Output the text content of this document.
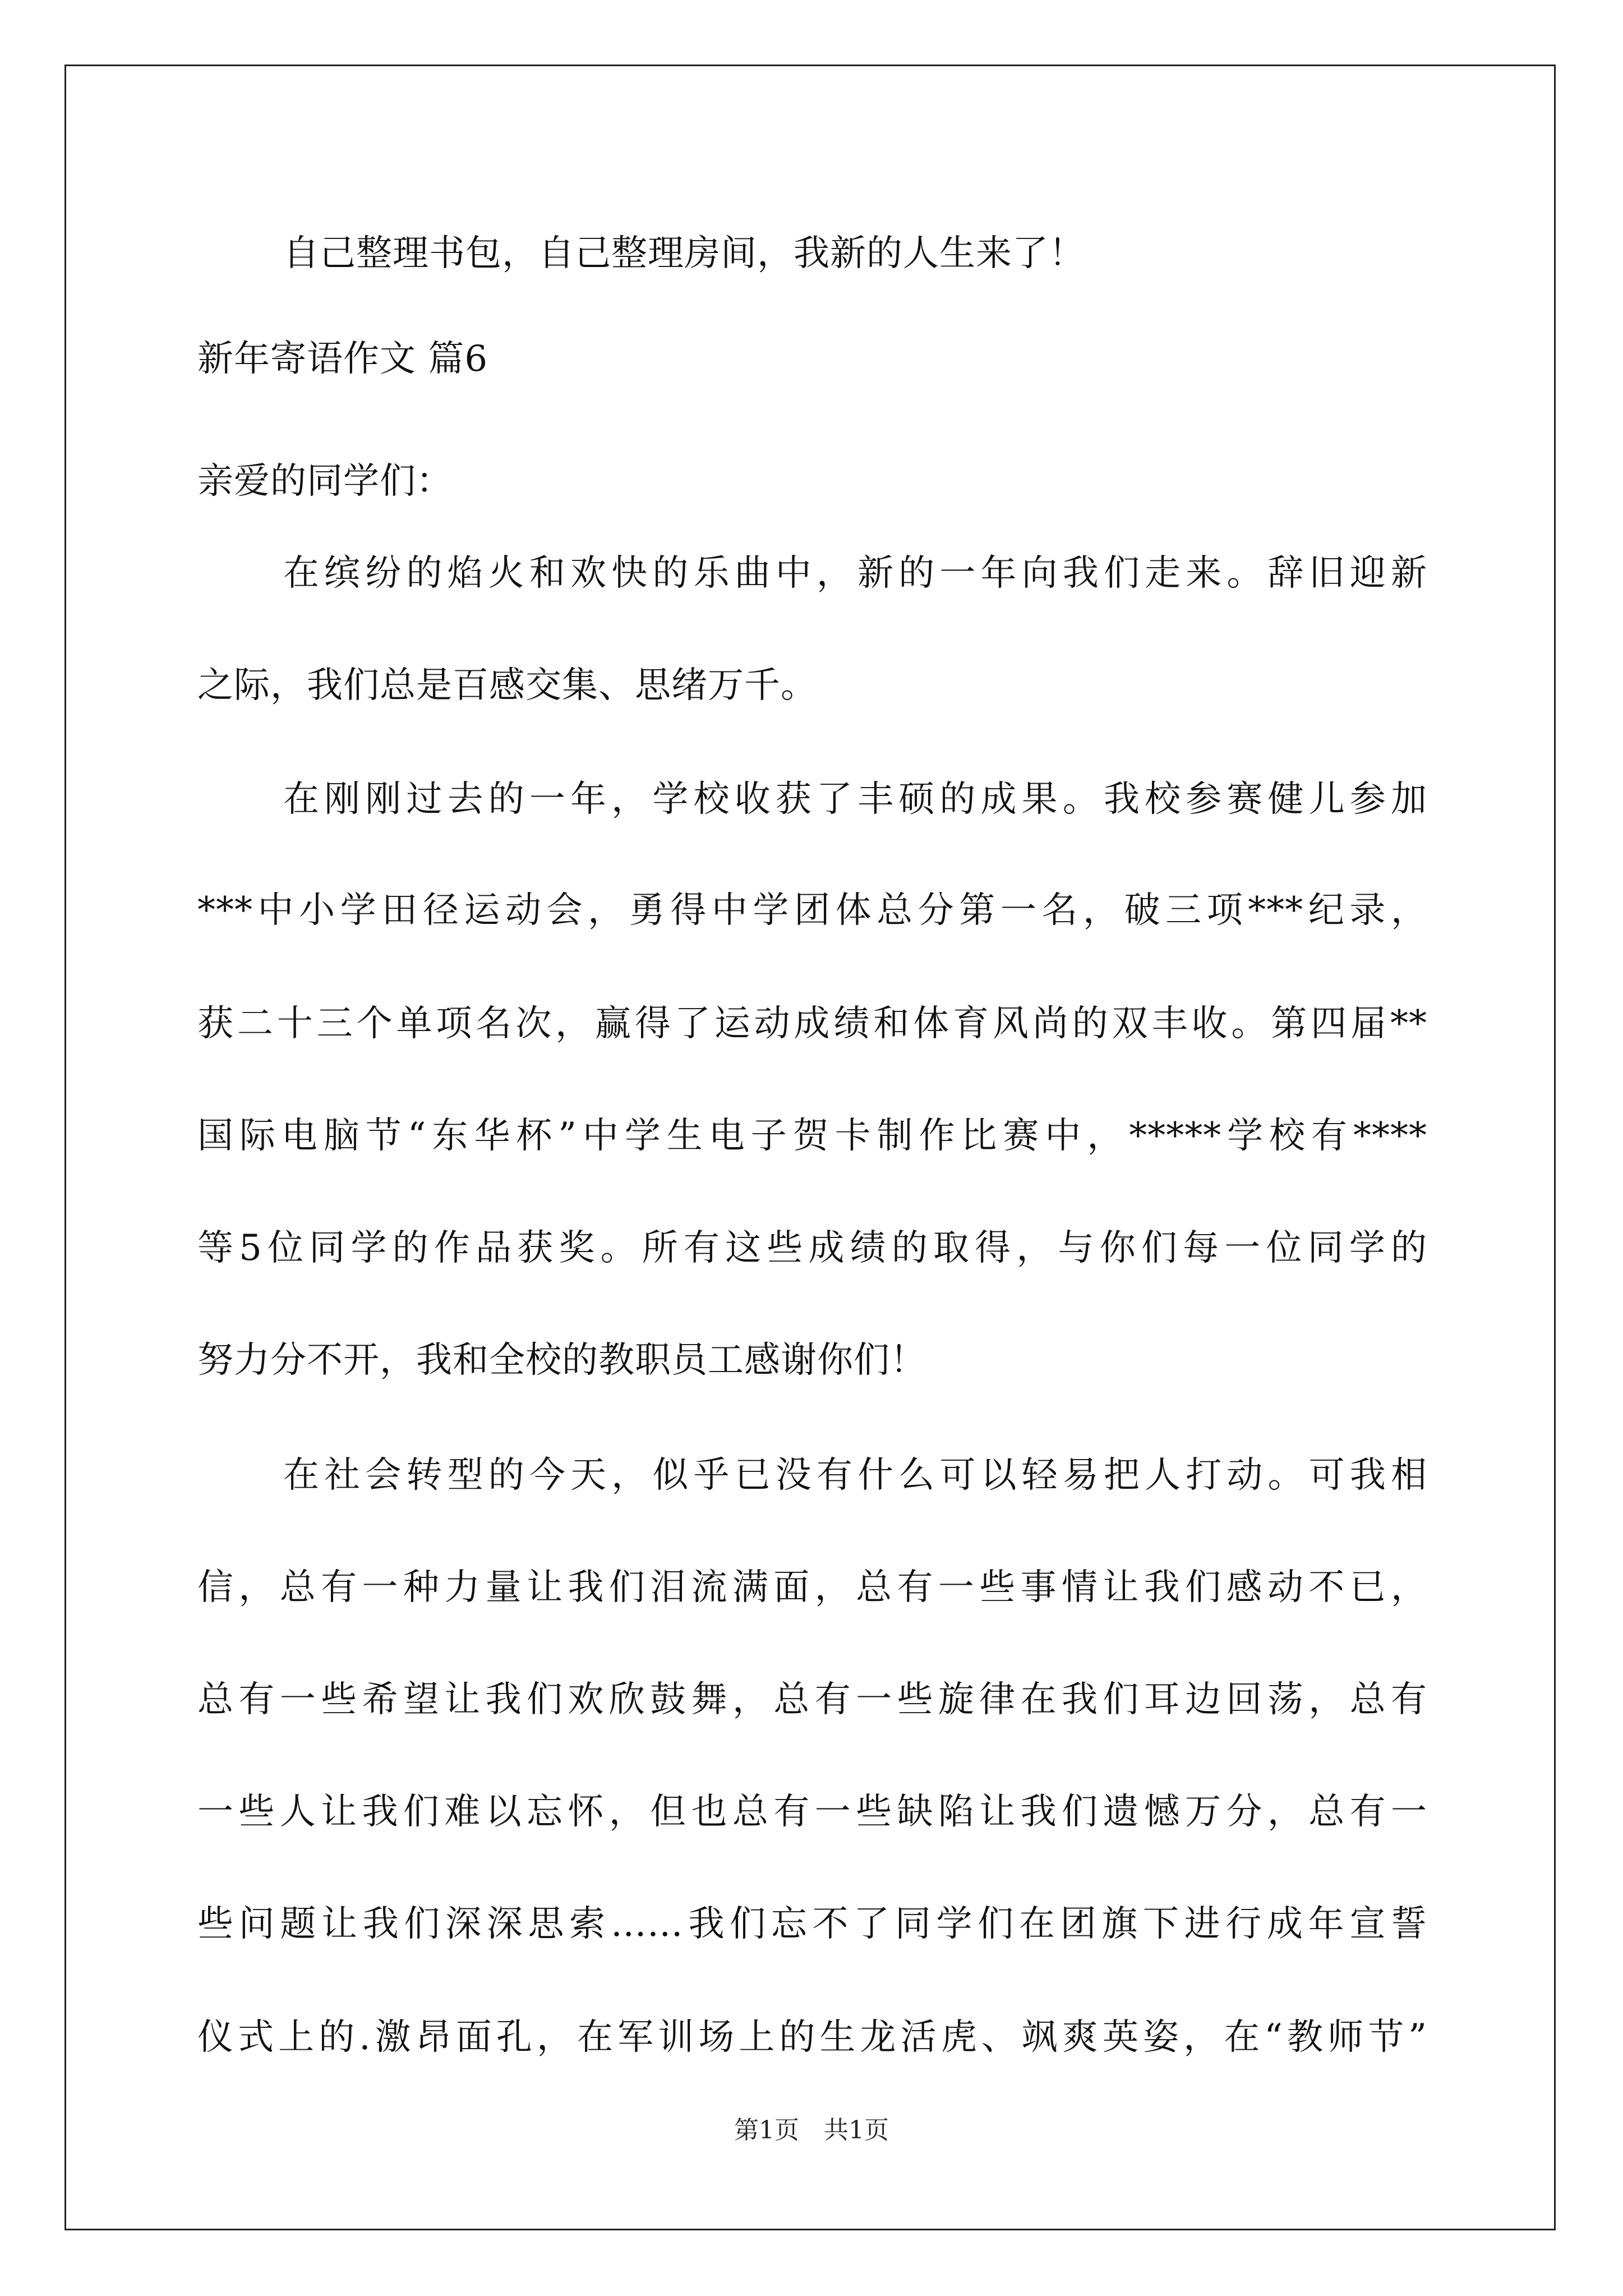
自己整理书包，自己整理房间，我新的人生来了！
新年寄语作文 篇6
亲爱的同学们：
在缤纷的焰火和欢快的乐曲中，新的一年向我们走来。辞旧迎新
之际，我们总是百感交集、思绪万千。
在刚刚过去的一年，学校收获了丰硕的成果。我校参赛健儿参加
***中小学田径运动会，勇得中学团体总分第一名，破三项***纪录，
获二十三个单项名次，赢得了运动成绩和体育风尚的双丰收。第四届**
国际电脑节“东华杯”中学生电子贺卡制作比赛中，*****学校有****
等5位同学的作品获奖。所有这些成绩的取得，与你们每一位同学的
努力分不开，我和全校的教职员工感谢你们！
在社会转型的今天，似乎已没有什么可以轻易把人打动。可我相
信，总有一种力量让我们泪流满面，总有一些事情让我们感动不已，
总有一些希望让我们欢欣鼓舞，总有一些旋律在我们耳边回荡，总有
一些人让我们难以忘怀，但也总有一些缺陷让我们遗憾万分，总有一
些问题让我们深深思索……我们忘不了同学们在团旗下进行成年宣誓
仪式上的.激昂面孔，在军训场上的生龙活虎、飒爽英姿，在“教师节”
第1页　共1页
